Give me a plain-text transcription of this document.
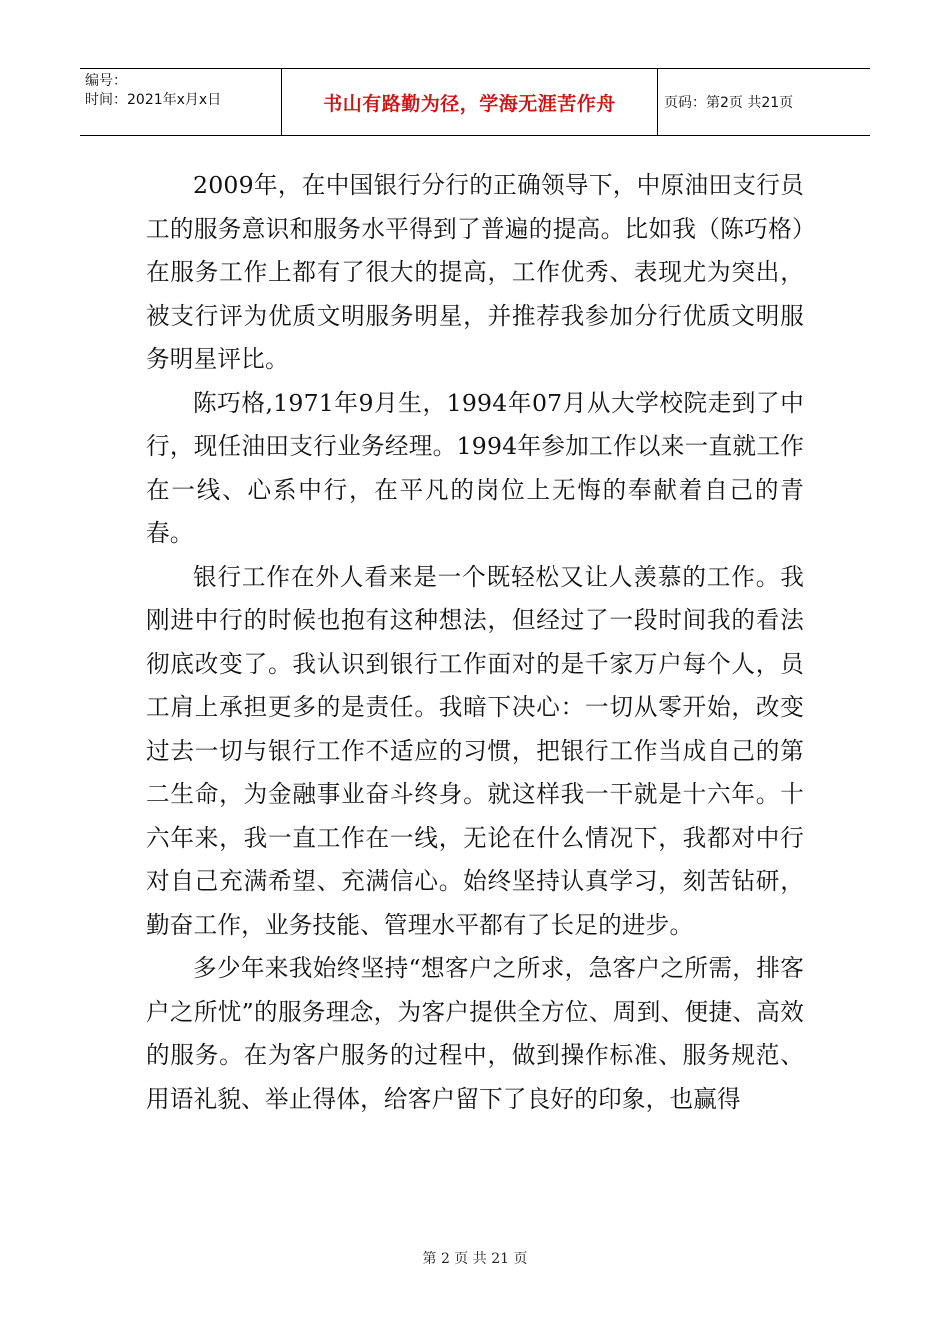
编号：
时间：2021年x月x日	书山有路勤为径，学海无涯苦作舟	页码：第2页 共21页

2009年，在中国银行分行的正确领导下，中原油田支行员工的服务意识和服务水平得到了普遍的提高。比如我（陈巧格）在服务工作上都有了很大的提高，工作优秀、表现尤为突出，被支行评为优质文明服务明星，并推荐我参加分行优质文明服务明星评比。

陈巧格,1971年9月生，1994年07月从大学校院走到了中行，现任油田支行业务经理。1994年参加工作以来一直就工作在一线、心系中行，在平凡的岗位上无悔的奉献着自己的青春。

银行工作在外人看来是一个既轻松又让人羡慕的工作。我刚进中行的时候也抱有这种想法，但经过了一段时间我的看法彻底改变了。我认识到银行工作面对的是千家万户每个人，员工肩上承担更多的是责任。我暗下决心：一切从零开始，改变过去一切与银行工作不适应的习惯，把银行工作当成自己的第二生命，为金融事业奋斗终身。就这样我一干就是十六年。十六年来，我一直工作在一线，无论在什么情况下，我都对中行对自己充满希望、充满信心。始终坚持认真学习，刻苦钻研，勤奋工作，业务技能、管理水平都有了长足的进步。

多少年来我始终坚持“想客户之所求，急客户之所需，排客户之所忧”的服务理念，为客户提供全方位、周到、便捷、高效的服务。在为客户服务的过程中，做到操作标准、服务规范、用语礼貌、举止得体，给客户留下了良好的印象，也赢得

第 2 页 共 21 页
